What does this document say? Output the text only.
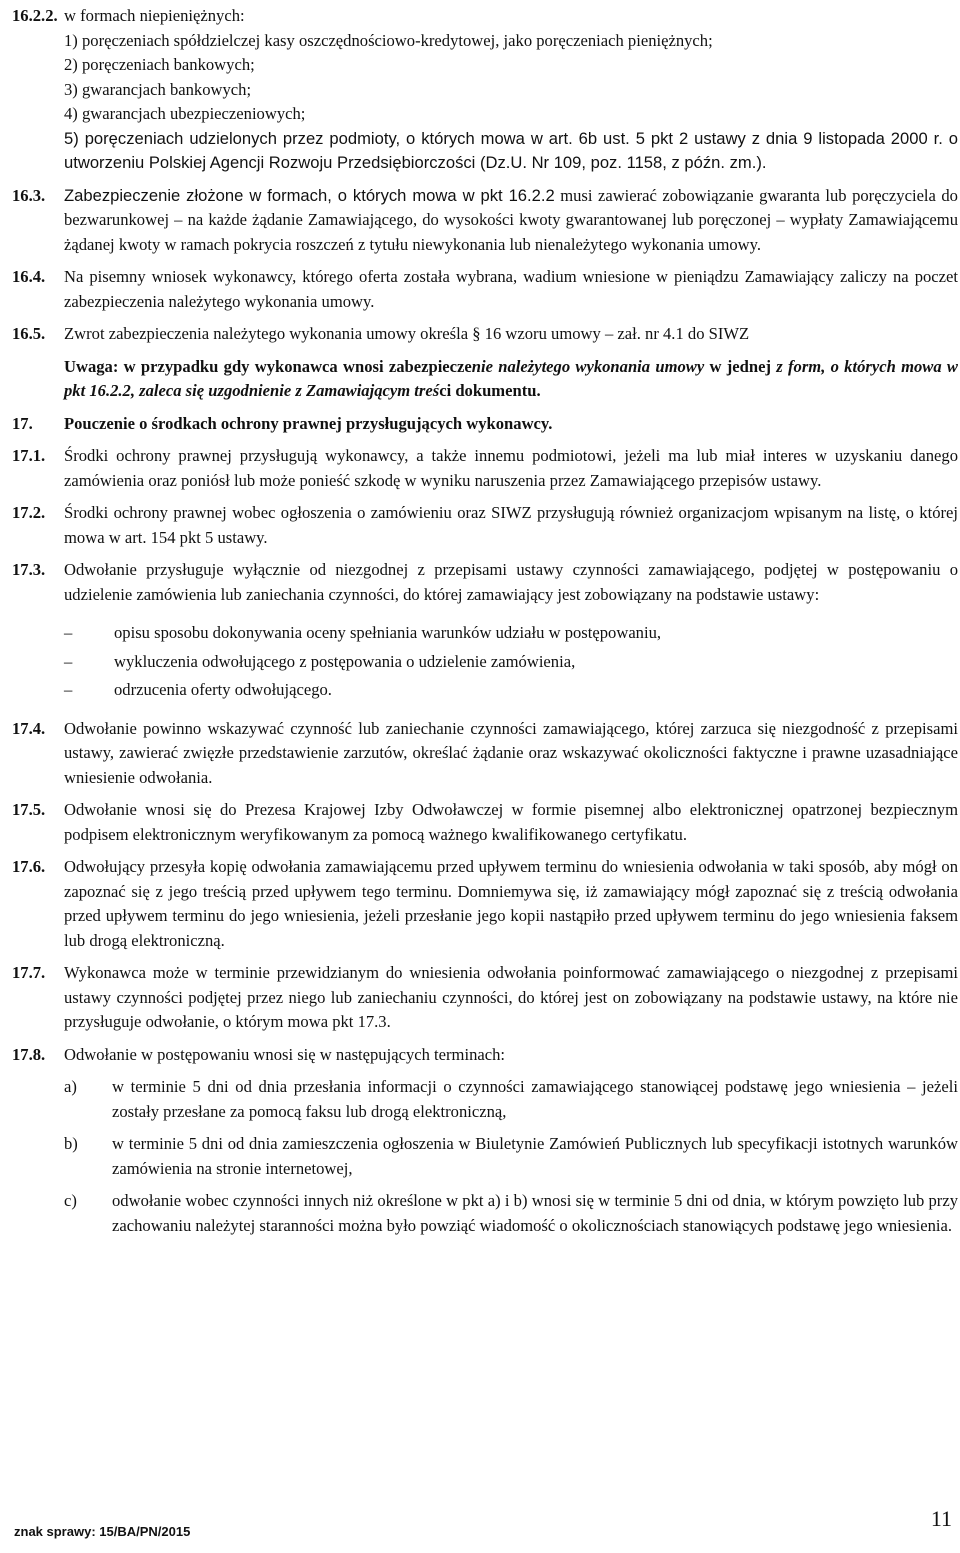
16.2.2. w formach niepieniężnych:
1) poręczeniach spółdzielczej kasy oszczędnościowo-kredytowej, jako poręczeniach pieniężnych;
2) poręczeniach bankowych;
3) gwarancjach bankowych;
4) gwarancjach ubezpieczeniowych;
5) poręczeniach udzielonych przez podmioty, o których mowa w art. 6b ust. 5 pkt 2 ustawy z dnia 9 listopada 2000 r. o utworzeniu Polskiej Agencji Rozwoju Przedsiębiorczości (Dz.U. Nr 109, poz. 1158, z późn. zm.).
16.3.	Zabezpieczenie złożone w formach, o których mowa w pkt 16.2.2 musi zawierać zobowiązanie gwaranta lub poręczyciela do bezwarunkowej – na każde żądanie Zamawiającego, do wysokości kwoty gwarantowanej lub poręczonej – wypłaty Zamawiającemu żądanej kwoty w ramach pokrycia roszczeń z tytułu niewykonania lub nienależytego wykonania umowy.
16.4.	Na pisemny wniosek wykonawcy, którego oferta została wybrana, wadium wniesione w pieniądzu Zamawiający zaliczy na poczet zabezpieczenia należytego wykonania umowy.
16.5.	Zwrot zabezpieczenia należytego wykonania umowy określa § 16 wzoru umowy – zał. nr 4.1 do SIWZ
Uwaga: w przypadku gdy wykonawca wnosi zabezpieczenie należytego wykonania umowy w jednej z form, o których mowa w pkt 16.2.2, zaleca się uzgodnienie z Zamawiającym treści dokumentu.
17.	Pouczenie o środkach ochrony prawnej przysługujących wykonawcy.
17.1.	Środki ochrony prawnej przysługują wykonawcy, a także innemu podmiotowi, jeżeli ma lub miał interes w uzyskaniu danego zamówienia oraz poniósł lub może ponieść szkodę w wyniku naruszenia przez Zamawiającego przepisów ustawy.
17.2.	Środki ochrony prawnej wobec ogłoszenia o zamówieniu oraz SIWZ przysługują również organizacjom wpisanym na listę, o której mowa w art. 154 pkt 5 ustawy.
17.3.	Odwołanie przysługuje wyłącznie od niezgodnej z przepisami ustawy czynności zamawiającego, podjętej w postępowaniu o udzielenie zamówienia lub zaniechania czynności, do której zamawiający jest zobowiązany na podstawie ustawy:
–	opisu sposobu dokonywania oceny spełniania warunków udziału w postępowaniu,
–	wykluczenia odwołującego z postępowania o udzielenie zamówienia,
–	odrzucenia oferty odwołującego.
17.4.	Odwołanie powinno wskazywać czynność lub zaniechanie czynności zamawiającego, której zarzuca się niezgodność z przepisami ustawy, zawierać zwięzłe przedstawienie zarzutów, określać żądanie oraz wskazywać okoliczności faktyczne i prawne uzasadniające wniesienie odwołania.
17.5.	Odwołanie wnosi się do Prezesa Krajowej Izby Odwoławczej w formie pisemnej albo elektronicznej opatrzonej bezpiecznym podpisem elektronicznym weryfikowanym za pomocą ważnego kwalifikowanego certyfikatu.
17.6.	Odwołujący przesyła kopię odwołania zamawiającemu przed upływem terminu do wniesienia odwołania w taki sposób, aby mógł on zapoznać się z jego treścią przed upływem tego terminu. Domniemywa się, iż zamawiający mógł zapoznać się z treścią odwołania przed upływem terminu do jego wniesienia, jeżeli przesłanie jego kopii nastąpiło przed upływem terminu do jego wniesienia faksem lub drogą elektroniczną.
17.7.	Wykonawca może w terminie przewidzianym do wniesienia odwołania poinformować zamawiającego o niezgodnej z przepisami ustawy czynności podjętej przez niego lub zaniechaniu czynności, do której jest on zobowiązany na podstawie ustawy, na które nie przysługuje odwołanie, o którym mowa pkt 17.3.
17.8.	Odwołanie w postępowaniu wnosi się w następujących terminach:
a)	w terminie 5 dni od dnia przesłania informacji o czynności zamawiającego stanowiącej podstawę jego wniesienia – jeżeli zostały przesłane za pomocą faksu lub drogą elektroniczną,
b)	w terminie 5 dni od dnia zamieszczenia ogłoszenia w Biuletynie Zamówień Publicznych lub specyfikacji istotnych warunków zamówienia na stronie internetowej,
c)	odwołanie wobec czynności innych niż określone w pkt a) i b) wnosi się w terminie 5 dni od dnia, w którym powzięto lub przy zachowaniu należytej staranności można było powziąć wiadomość o okolicznościach stanowiących podstawę jego wniesienia.
znak sprawy: 15/BA/PN/2015
11
